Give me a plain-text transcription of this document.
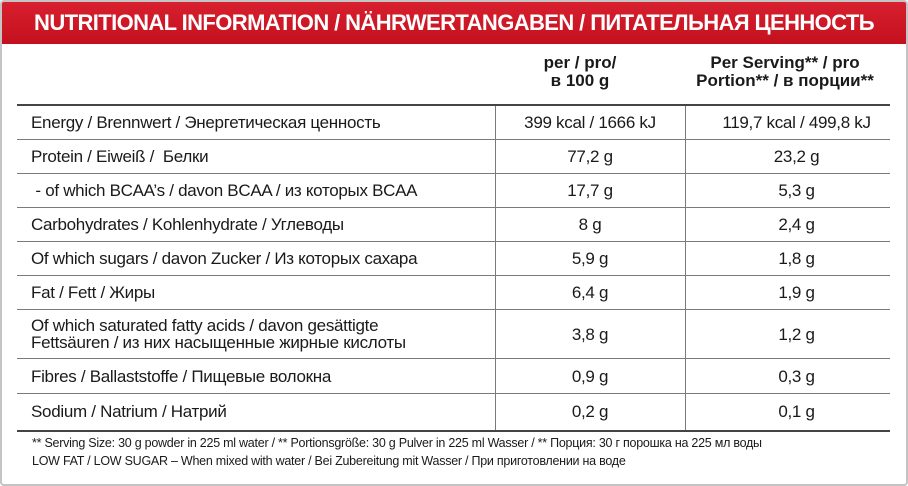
NUTRITIONAL INFORMATION / NÄHRWERTANGABEN / ПИТАТЕЛЬНАЯ ЦЕННОСТЬ
per / pro/
в 100 g
Per Serving** / pro
Portion** / в порции**
Energy / Brennwert / Энергетическая ценность	399 kcal / 1666 kJ	119,7 kcal / 499,8 kJ
Protein / Eiweiß /  Белки	77,2 g	23,2 g
- of which BCAA’s / davon BCAA / из которых BCAA	17,7 g	5,3 g
Carbohydrates / Kohlenhydrate / Углеводы	8 g	2,4 g
Of which sugars / davon Zucker / Из которых сахара	5,9 g	1,8 g
Fat / Fett / Жиры	6,4 g	1,9 g
Of which saturated fatty acids / davon gesättigte
Fettsäuren / из них насыщенные жирные кислоты	3,8 g	1,2 g
Fibres / Ballaststoffe / Пищевые волокна	0,9 g	0,3 g
Sodium / Natrium / Натрий	0,2 g	0,1 g
** Serving Size: 30 g powder in 225 ml water / ** Portionsgröße: 30 g Pulver in 225 ml Wasser / ** Порция: 30 г порошка на 225 мл воды
LOW FAT / LOW SUGAR – When mixed with water / Bei Zubereitung mit Wasser / При приготовлении на воде
